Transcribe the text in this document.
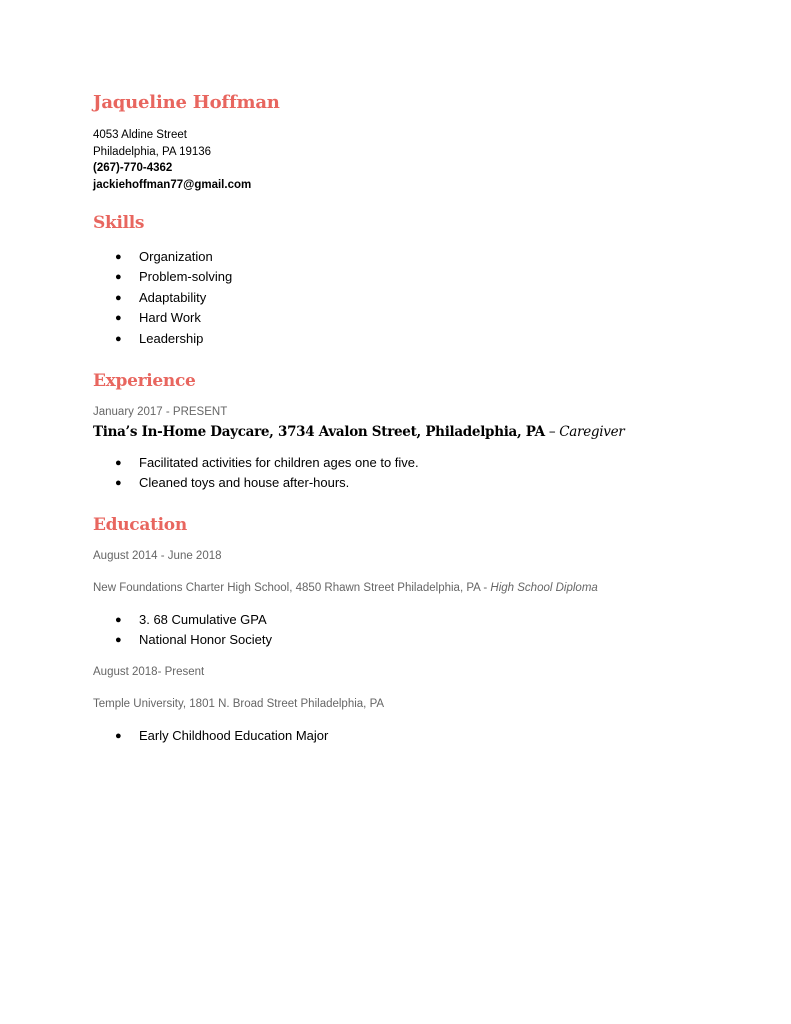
Jaqueline Hoffman
4053 Aldine Street
Philadelphia, PA 19136
(267)-770-4362
jackiehoffman77@gmail.com
Skills
● Organization
● Problem-solving
● Adaptability
● Hard Work
● Leadership
Experience
January 2017 - PRESENT
Tina’s In-Home Daycare, 3734 Avalon Street, Philadelphia, PA – Caregiver
● Facilitated activities for children ages one to five.
● Cleaned toys and house after-hours.
Education
August 2014 - June 2018
New Foundations Charter High School, 4850 Rhawn Street Philadelphia, PA - High School Diploma
● 3. 68 Cumulative GPA
● National Honor Society
August 2018- Present
Temple University, 1801 N. Broad Street Philadelphia, PA
● Early Childhood Education Major
